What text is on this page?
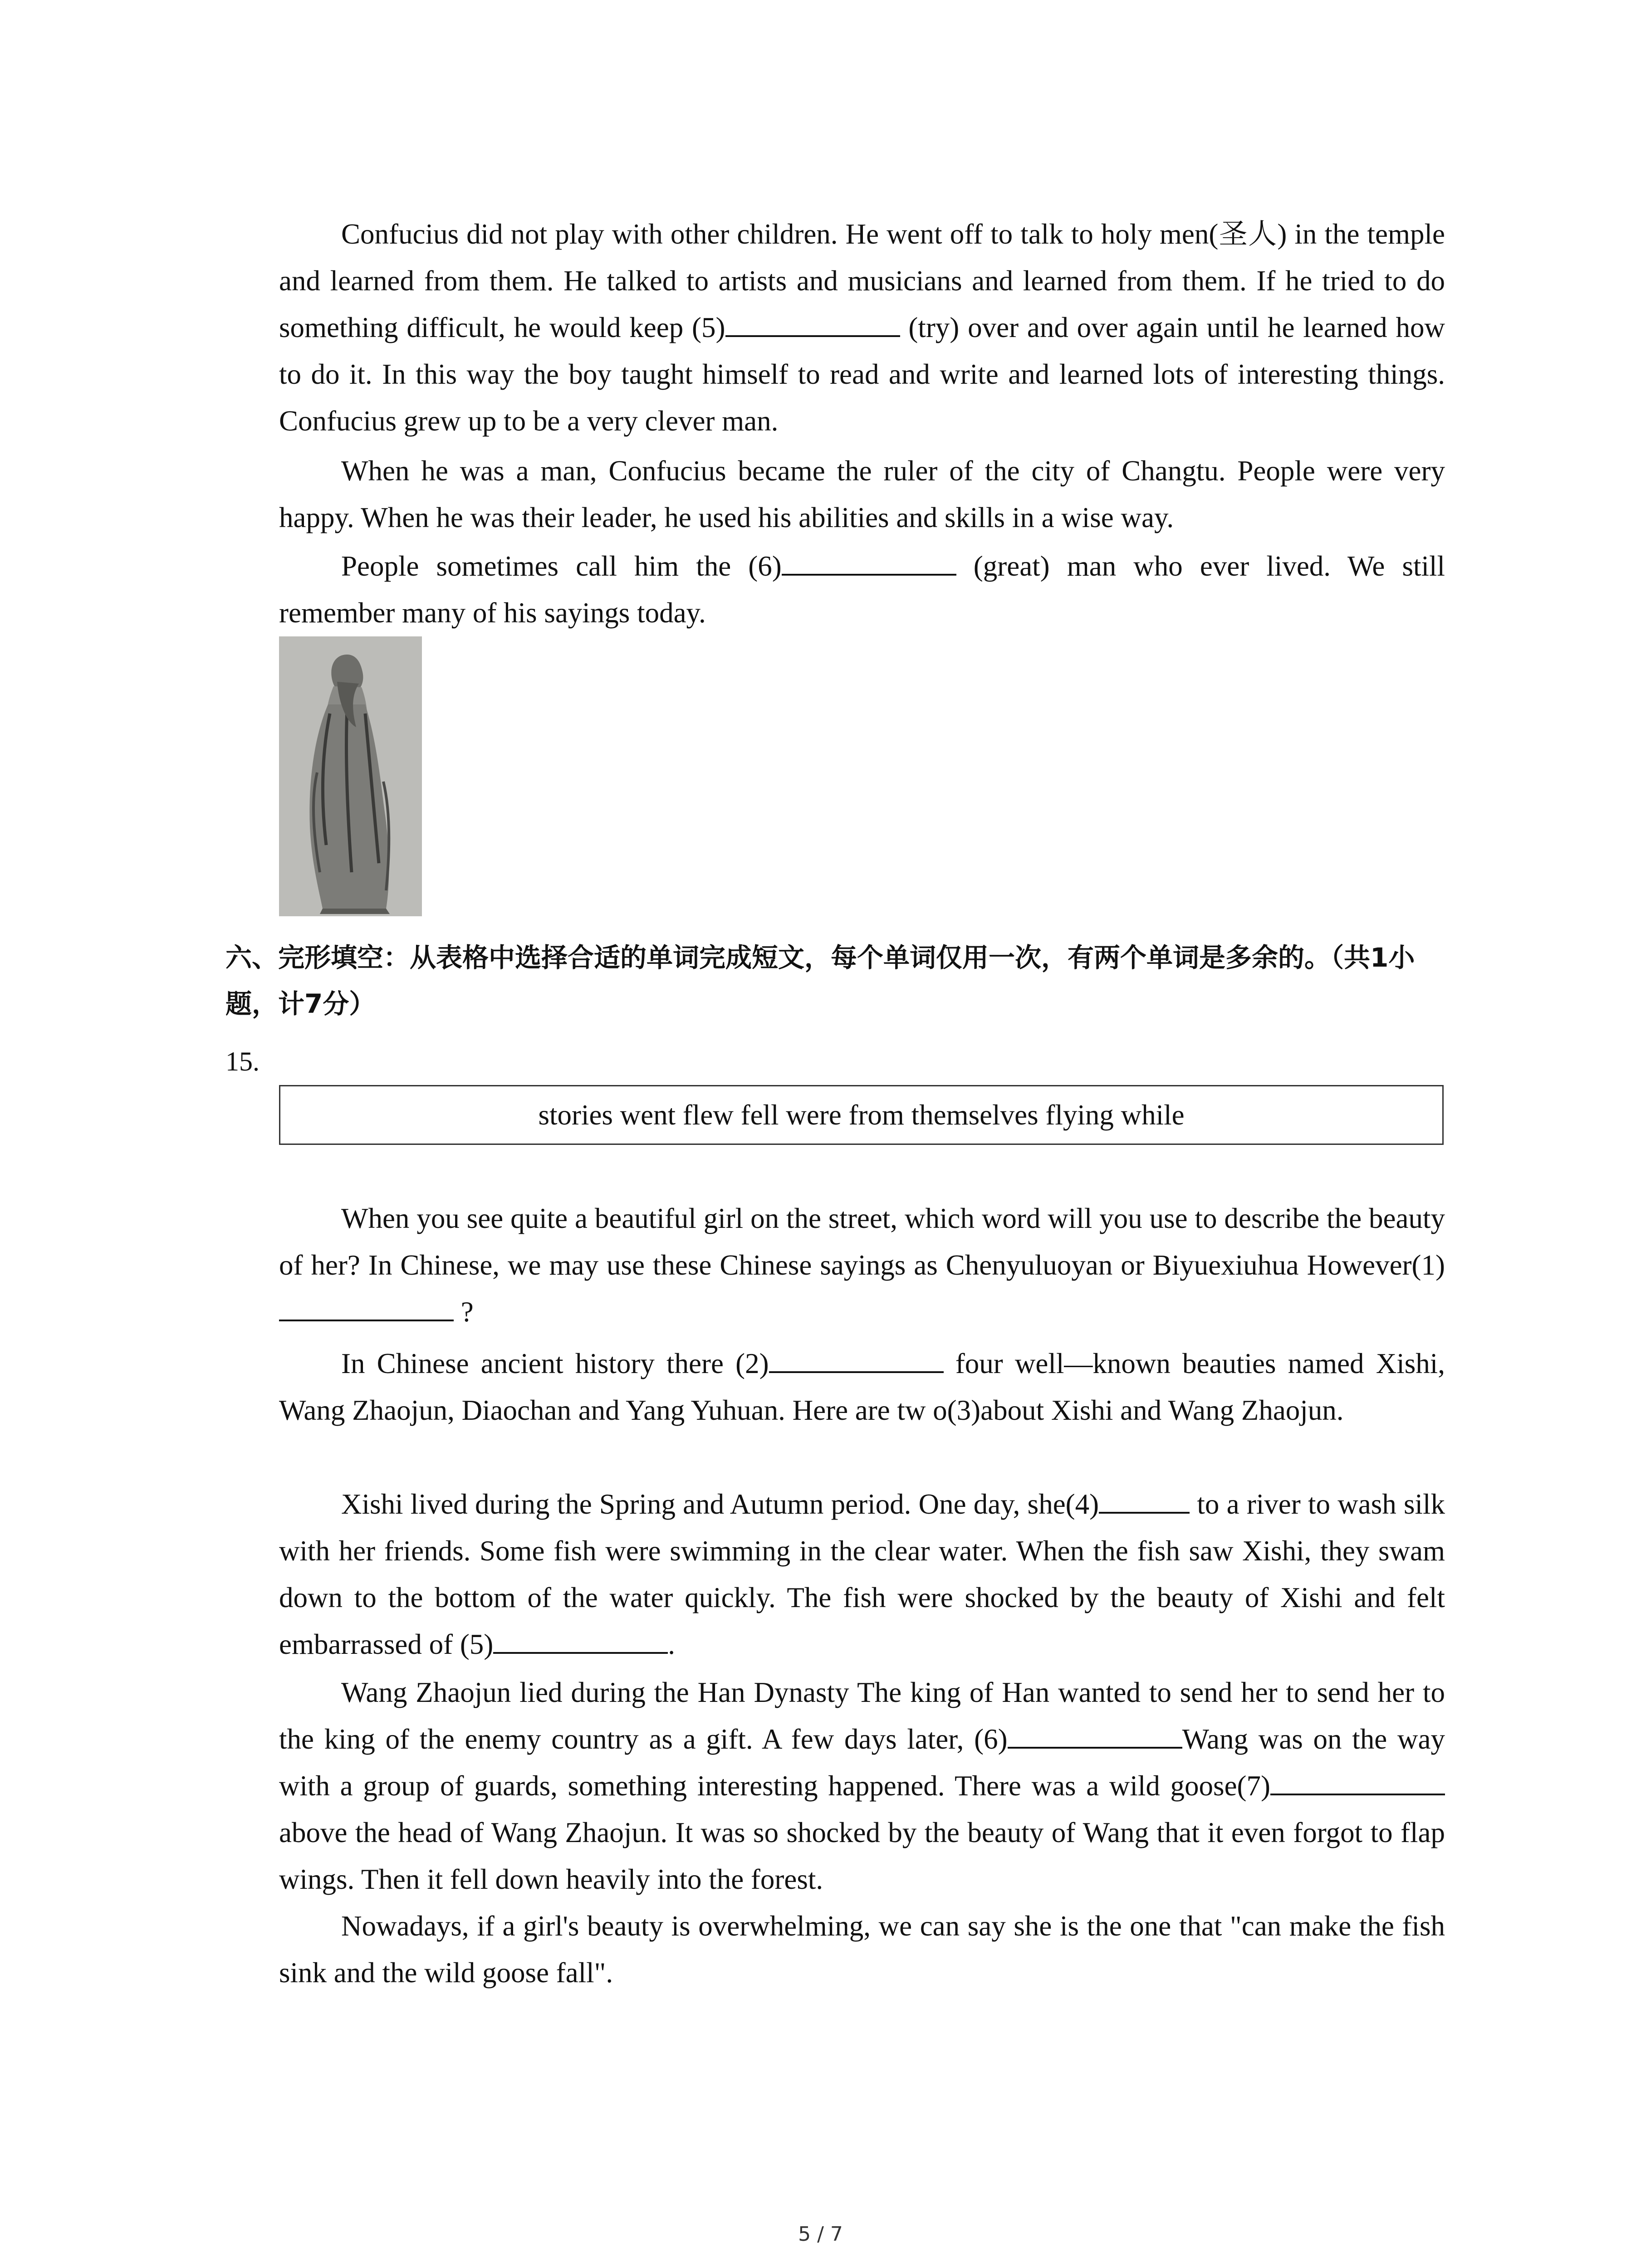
Confucius did not play with other children. He went off to talk to holy men(圣人) in the temple and learned from them. He talked to artists and musicians and learned from them. If he tried to do something difficult, he would keep (5)	(try) over and over again until he learned how to do it. In this way the boy taught himself to read and write and learned lots of interesting things. Confucius grew up to be a very clever man.

When he was a man, Confucius became the ruler of the city of Changtu. People were very happy. When he was their leader, he used his abilities and skills in a wise way.

People sometimes call him the (6)	(great) man who ever lived. We still remember many of his sayings today.

六、完形填空：从表格中选择合适的单词完成短文，每个单词仅用一次，有两个单词是多余的。（共1小题，计7分）

15.
stories went flew fell were from themselves flying while

When you see quite a beautiful girl on the street, which word will you use to describe the beauty of her? In Chinese, we may use these Chinese sayings as Chenyuluoyan or Biyuexiuhua However(1) ?

In Chinese ancient history there (2)	four well—known beauties named Xishi, Wang Zhaojun, Diaochan and Yang Yuhuan. Here are tw o(3)about Xishi and Wang Zhaojun.

Xishi lived during the Spring and Autumn period. One day, she(4)	to a river to wash silk with her friends. Some fish were swimming in the clear water. When the fish saw Xishi, they swam down to the bottom of the water quickly. The fish were shocked by the beauty of Xishi and felt embarrassed of (5)	.

Wang Zhaojun lied during the Han Dynasty The king of Han wanted to send her to send her to the king of the enemy country as a gift. A few days later, (6)	Wang was on the way with a group of guards, something interesting happened. There was a wild goose(7) above the head of Wang Zhaojun. It was so shocked by the beauty of Wang that it even forgot to flap wings. Then it fell down heavily into the forest.

Nowadays, if a girl's beauty is overwhelming, we can say she is the one that "can make the fish sink and the wild goose fall".

5 / 7
